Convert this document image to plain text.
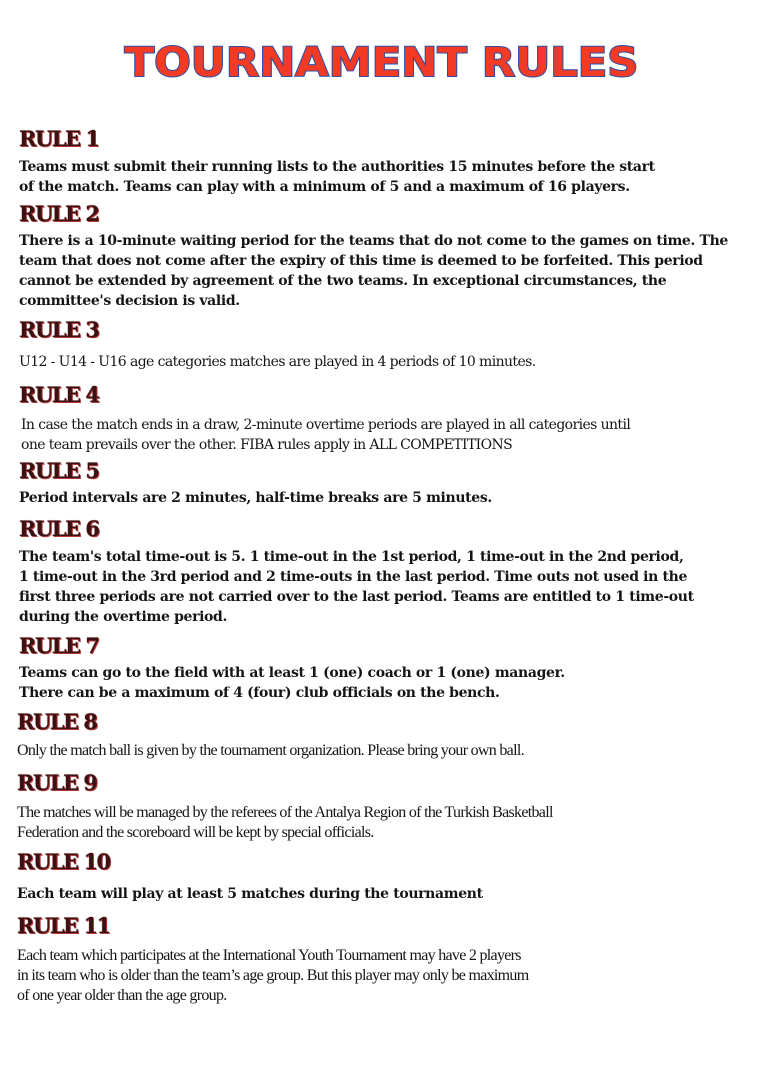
TOURNAMENT RULES
RULE 1
Teams must submit their running lists to the authorities 15 minutes before the start
of the match. Teams can play with a minimum of 5 and a maximum of 16 players.
RULE 2
There is a 10-minute waiting period for the teams that do not come to the games on time. The
team that does not come after the expiry of this time is deemed to be forfeited. This period
cannot be extended by agreement of the two teams. In exceptional circumstances, the
committee's decision is valid.
RULE 3
U12 - U14 - U16 age categories matches are played in 4 periods of 10 minutes.
RULE 4
In case the match ends in a draw, 2-minute overtime periods are played in all categories until
one team prevails over the other. FIBA rules apply in ALL COMPETITIONS
RULE 5
Period intervals are 2 minutes, half-time breaks are 5 minutes.
RULE 6
The team's total time-out is 5. 1 time-out in the 1st period, 1 time-out in the 2nd period,
1 time-out in the 3rd period and 2 time-outs in the last period. Time outs not used in the
first three periods are not carried over to the last period. Teams are entitled to 1 time-out
during the overtime period.
RULE 7
Teams can go to the field with at least 1 (one) coach or 1 (one) manager.
There can be a maximum of 4 (four) club officials on the bench.
RULE 8
Only the match ball is given by the tournament organization. Please bring your own ball.
RULE 9
The matches will be managed by the referees of the Antalya Region of the Turkish Basketball
Federation and the scoreboard will be kept by special officials.
RULE 10
Each team will play at least 5 matches during the tournament
RULE 11
Each team which participates at the International Youth Tournament may have 2 players
in its team who is older than the team’s age group. But this player may only be maximum
of one year older than the age group.
